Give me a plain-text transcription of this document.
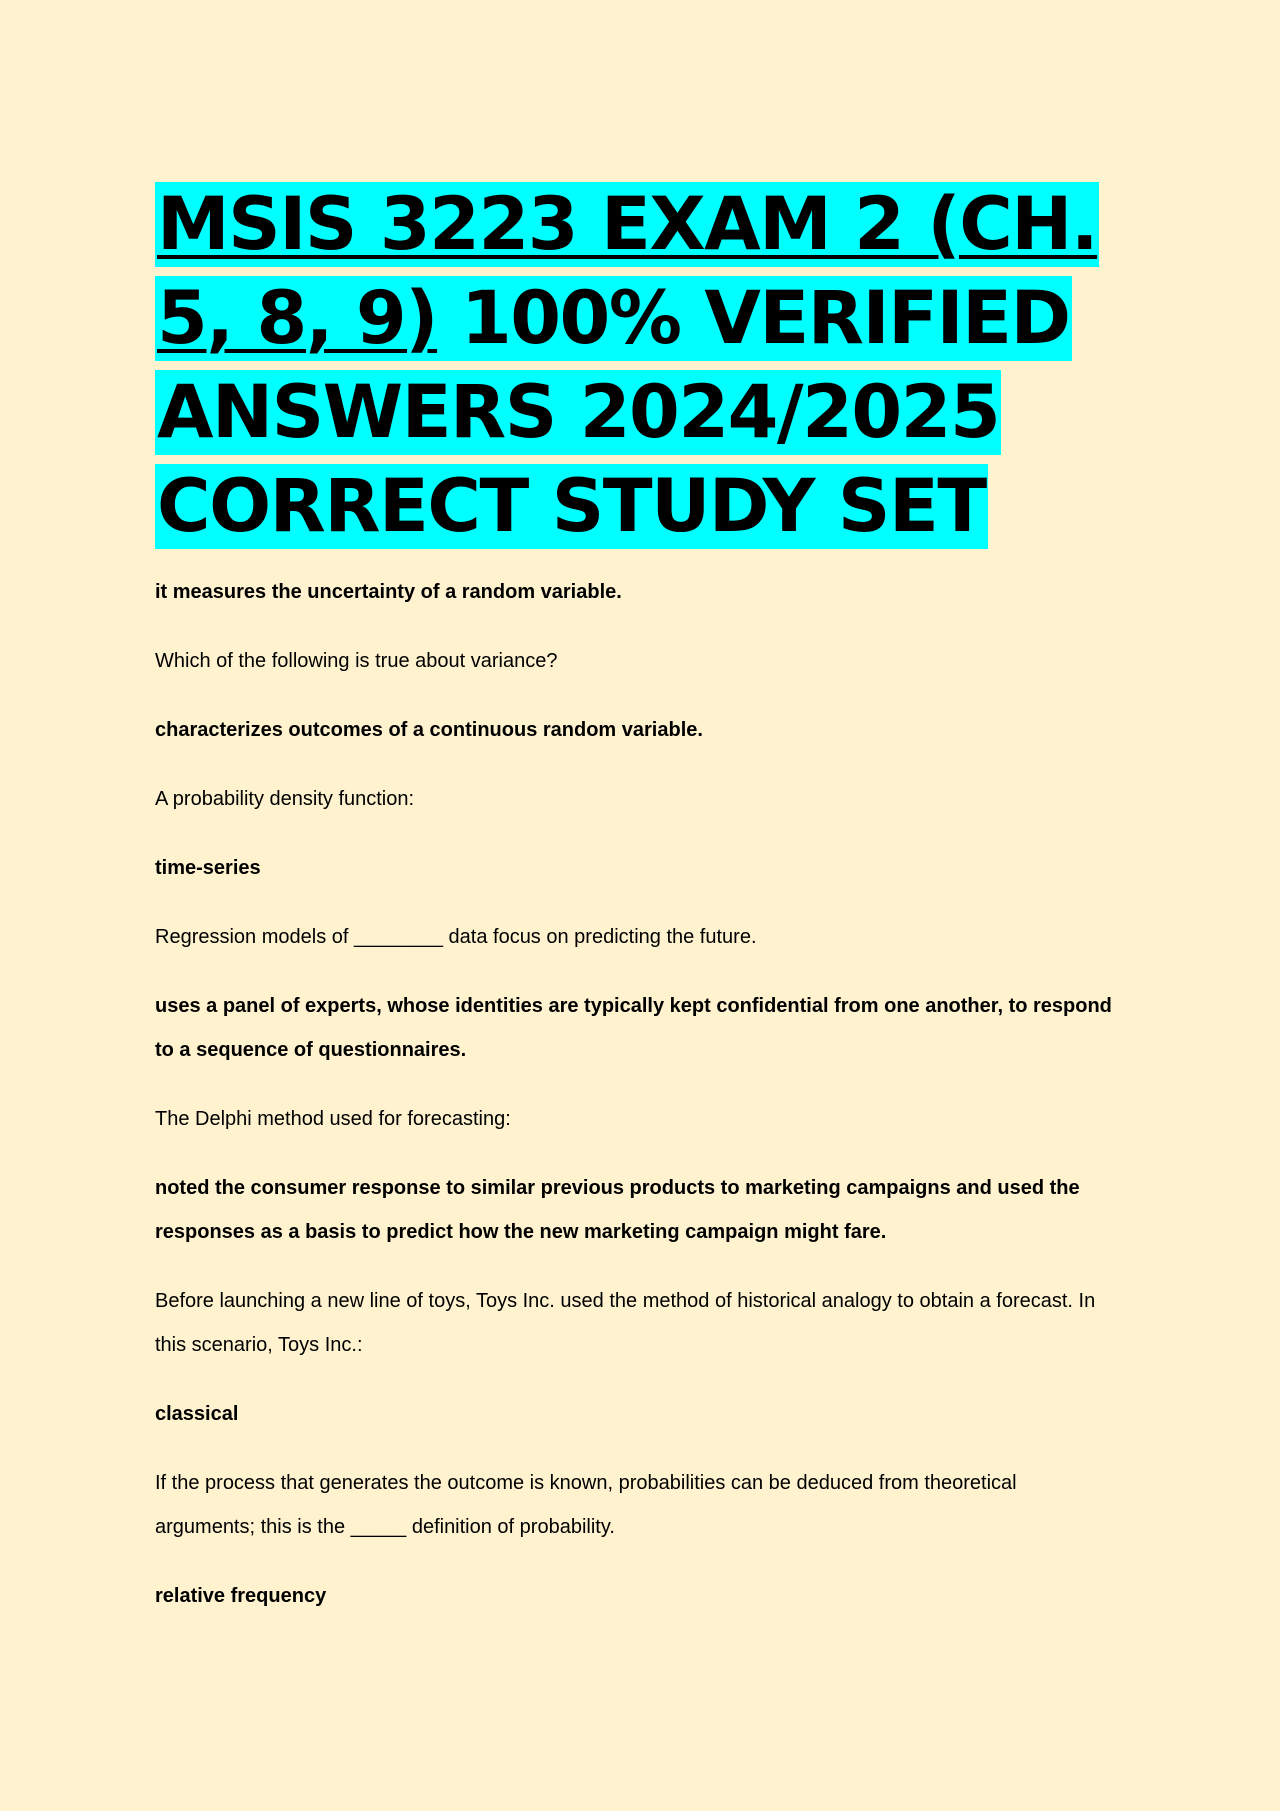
MSIS 3223 EXAM 2 (CH. 5, 8, 9) 100% VERIFIED ANSWERS 2024/2025 CORRECT STUDY SET

it measures the uncertainty of a random variable.

Which of the following is true about variance?

characterizes outcomes of a continuous random variable.

A probability density function:

time-series

Regression models of ________ data focus on predicting the future.

uses a panel of experts, whose identities are typically kept confidential from one another, to respond to a sequence of questionnaires.

The Delphi method used for forecasting:

noted the consumer response to similar previous products to marketing campaigns and used the responses as a basis to predict how the new marketing campaign might fare.

Before launching a new line of toys, Toys Inc. used the method of historical analogy to obtain a forecast. In this scenario, Toys Inc.:

classical

If the process that generates the outcome is known, probabilities can be deduced from theoretical arguments; this is the _____ definition of probability.

relative frequency
